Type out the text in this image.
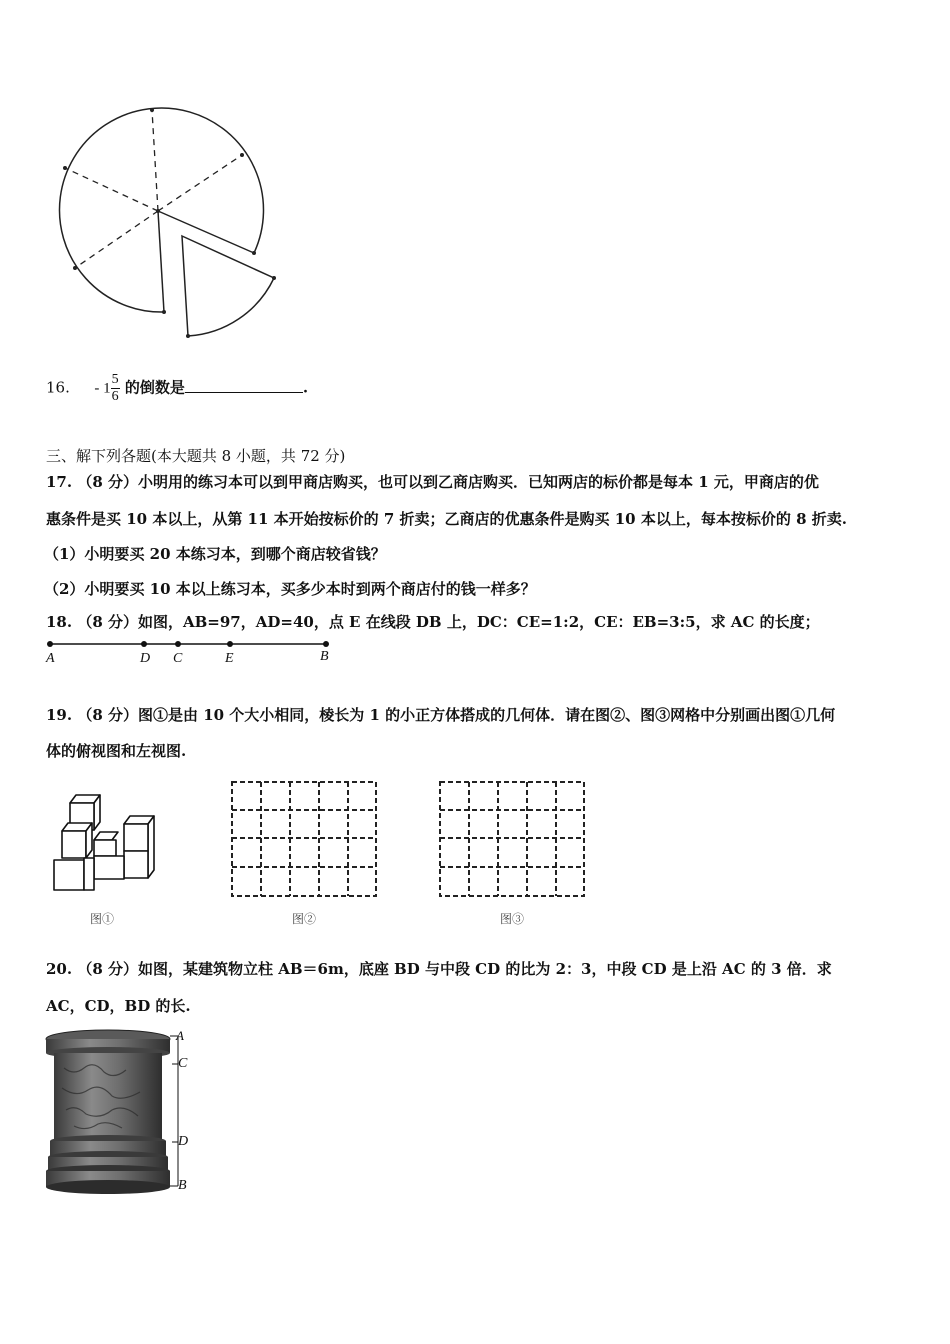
16. - $1 \frac{5}{6}$ 的倒数是	.
三、解下列各题(本大题共 8 小题，共 72 分)
17. （8 分）小明用的练习本可以到甲商店购买，也可以到乙商店购买．已知两店的标价都是每本 1 元，甲商店的优
惠条件是买 10 本以上，从第 11 本开始按标价的 7 折卖；乙商店的优惠条件是购买 10 本以上，每本按标价的 8 折卖.
（1）小明要买 20 本练习本，到哪个商店较省钱？
（2）小明要买 10 本以上练习本，买多少本时到两个商店付的钱一样多？
18. （8 分）如图，AB=97，AD=40，点 E 在线段 DB 上，DC：CE=1:2，CE：EB=3:5，求 AC 的长度；
A	D C	E	B
19. （8 分）图①是由 10 个大小相同，棱长为 1 的小正方体搭成的几何体．请在图②、图③网格中分别画出图①几何
体的俯视图和左视图.
图①	图②	图③
20. （8 分）如图，某建筑物立柱 AB＝6m，底座 BD 与中段 CD 的比为 2：3，中段 CD 是上沿 AC 的 3 倍．求
AC，CD，BD 的长.
A
C
D
B
